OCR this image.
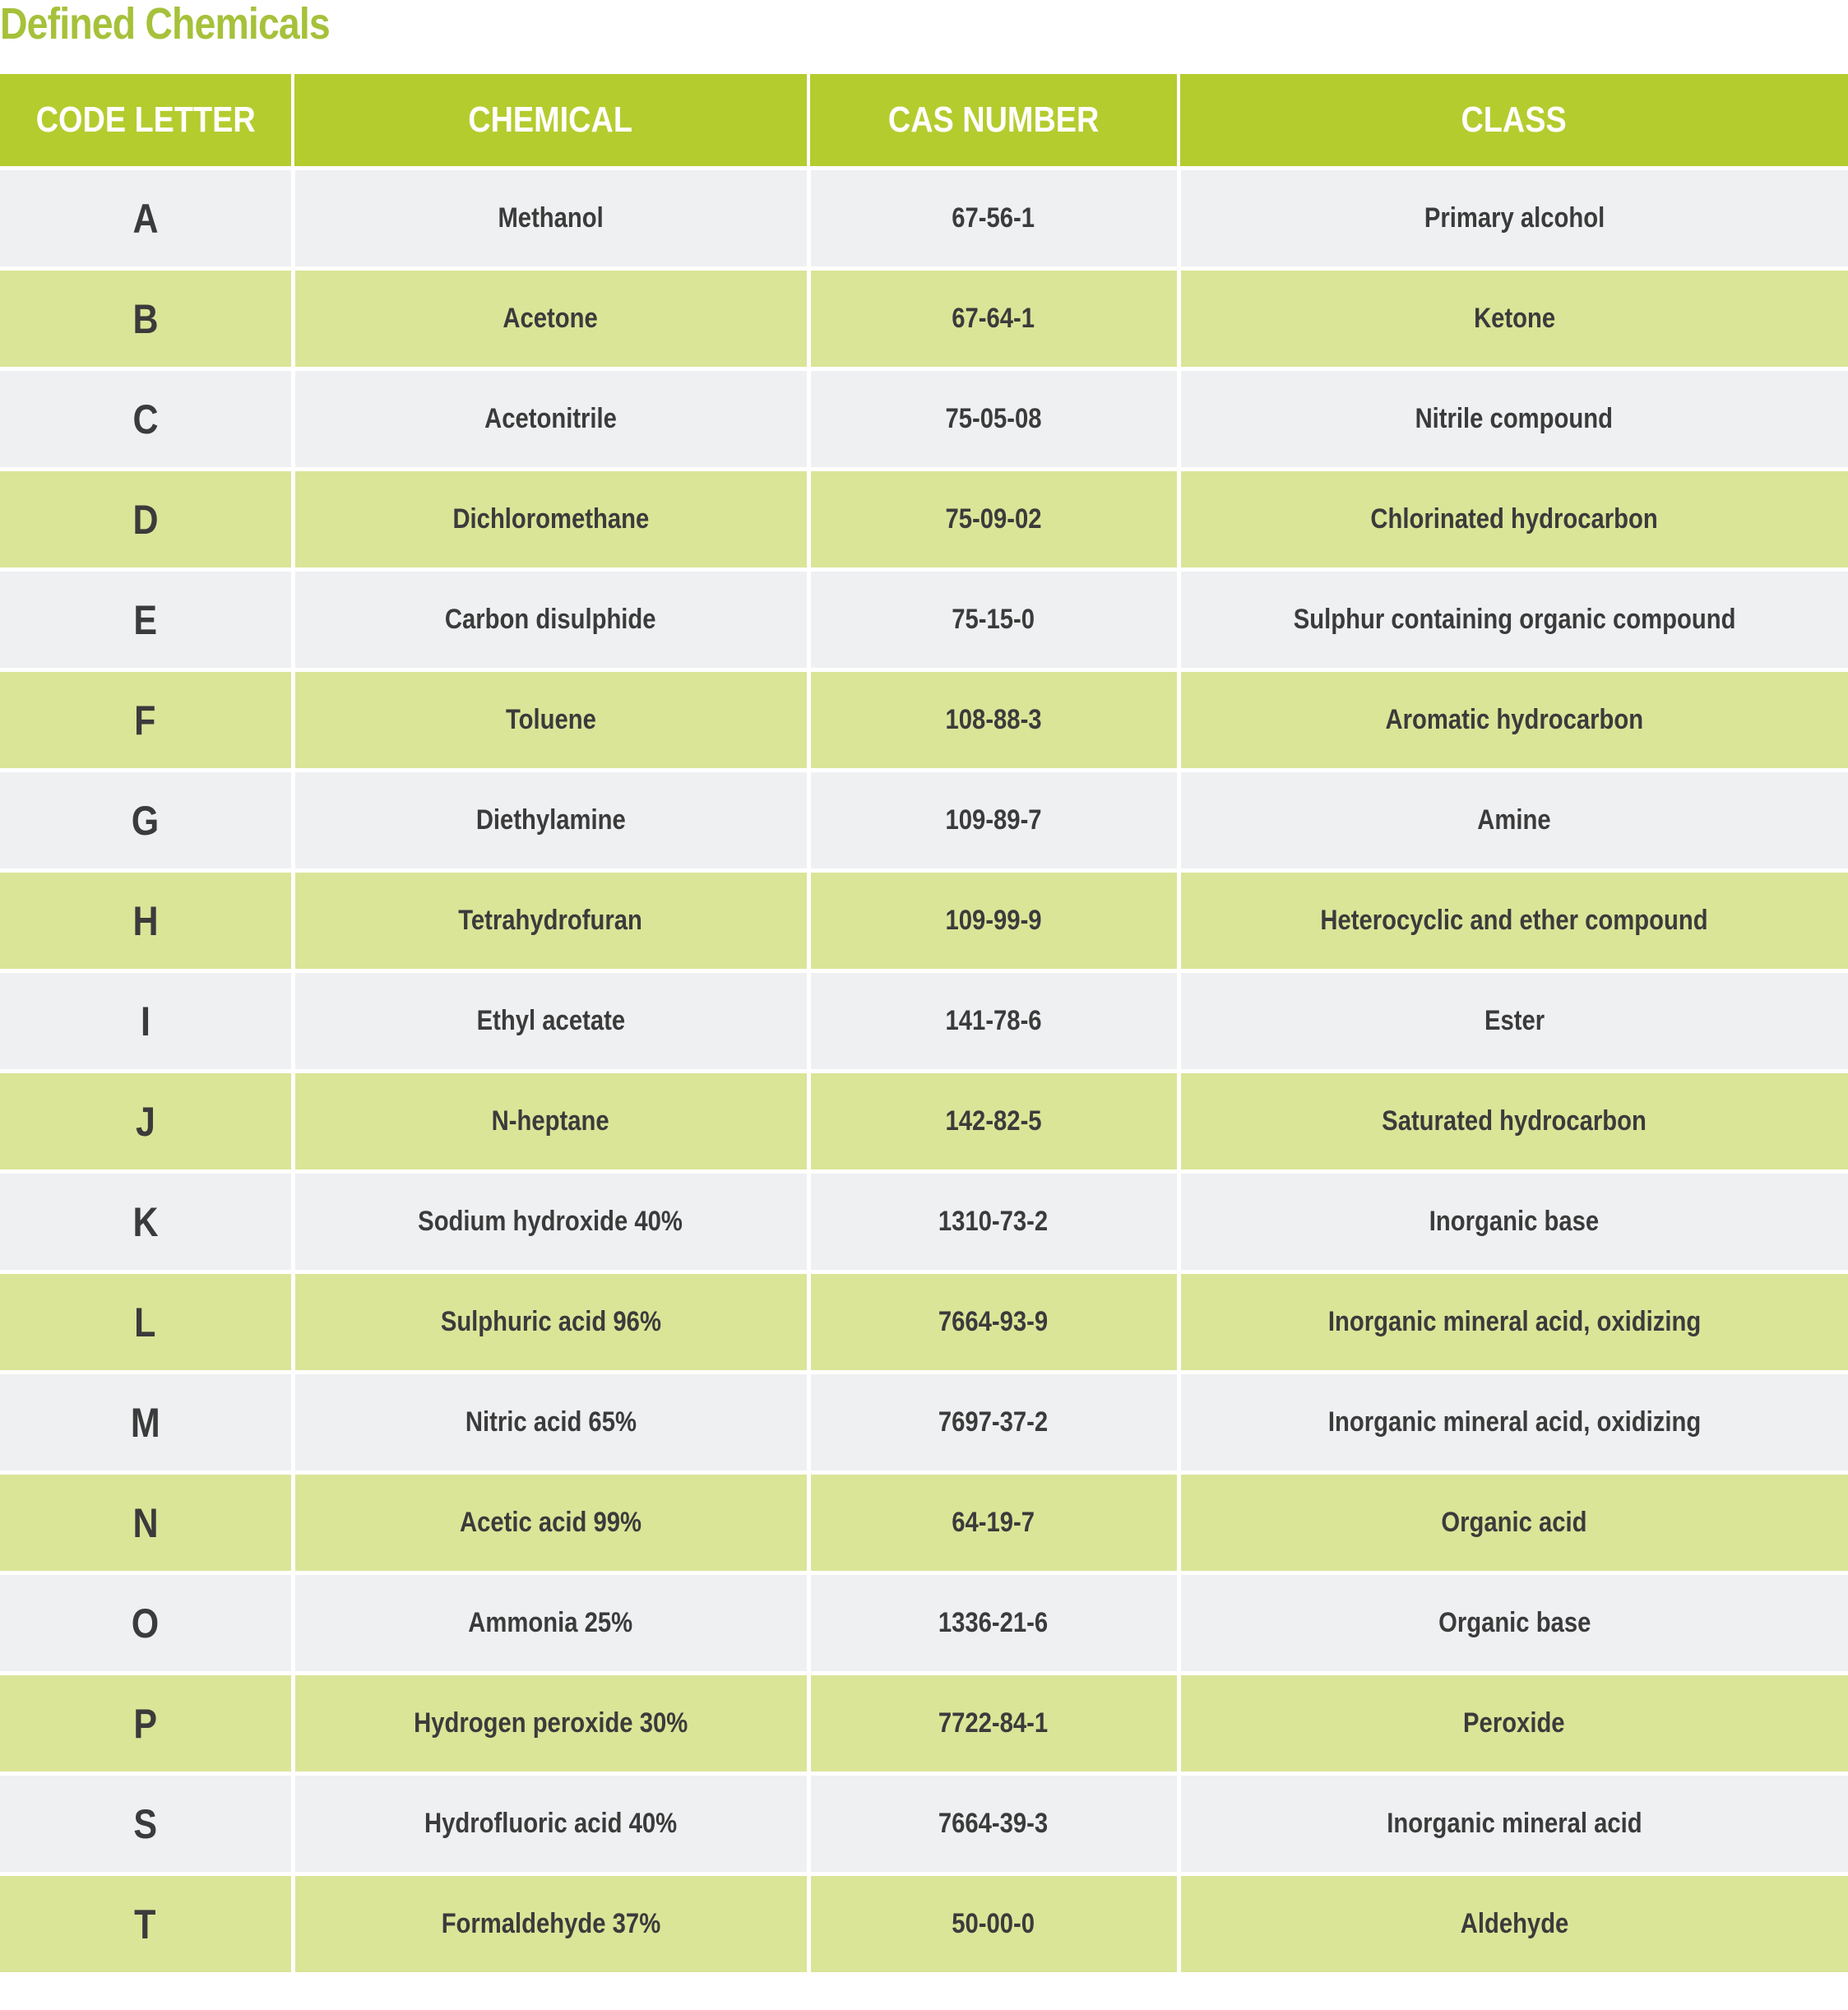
Defined Chemicals
CODE LETTER	CHEMICAL	CAS NUMBER	CLASS
A	Methanol	67-56-1	Primary alcohol
B	Acetone	67-64-1	Ketone
C	Acetonitrile	75-05-08	Nitrile compound
D	Dichloromethane	75-09-02	Chlorinated hydrocarbon
E	Carbon disulphide	75-15-0	Sulphur containing organic compound
F	Toluene	108-88-3	Aromatic hydrocarbon
G	Diethylamine	109-89-7	Amine
H	Tetrahydrofuran	109-99-9	Heterocyclic and ether compound
I	Ethyl acetate	141-78-6	Ester
J	N-heptane	142-82-5	Saturated hydrocarbon
K	Sodium hydroxide 40%	1310-73-2	Inorganic base
L	Sulphuric acid 96%	7664-93-9	Inorganic mineral acid, oxidizing
M	Nitric acid 65%	7697-37-2	Inorganic mineral acid, oxidizing
N	Acetic acid 99%	64-19-7	Organic acid
O	Ammonia 25%	1336-21-6	Organic base
P	Hydrogen peroxide 30%	7722-84-1	Peroxide
S	Hydrofluoric acid 40%	7664-39-3	Inorganic mineral acid
T	Formaldehyde 37%	50-00-0	Aldehyde
